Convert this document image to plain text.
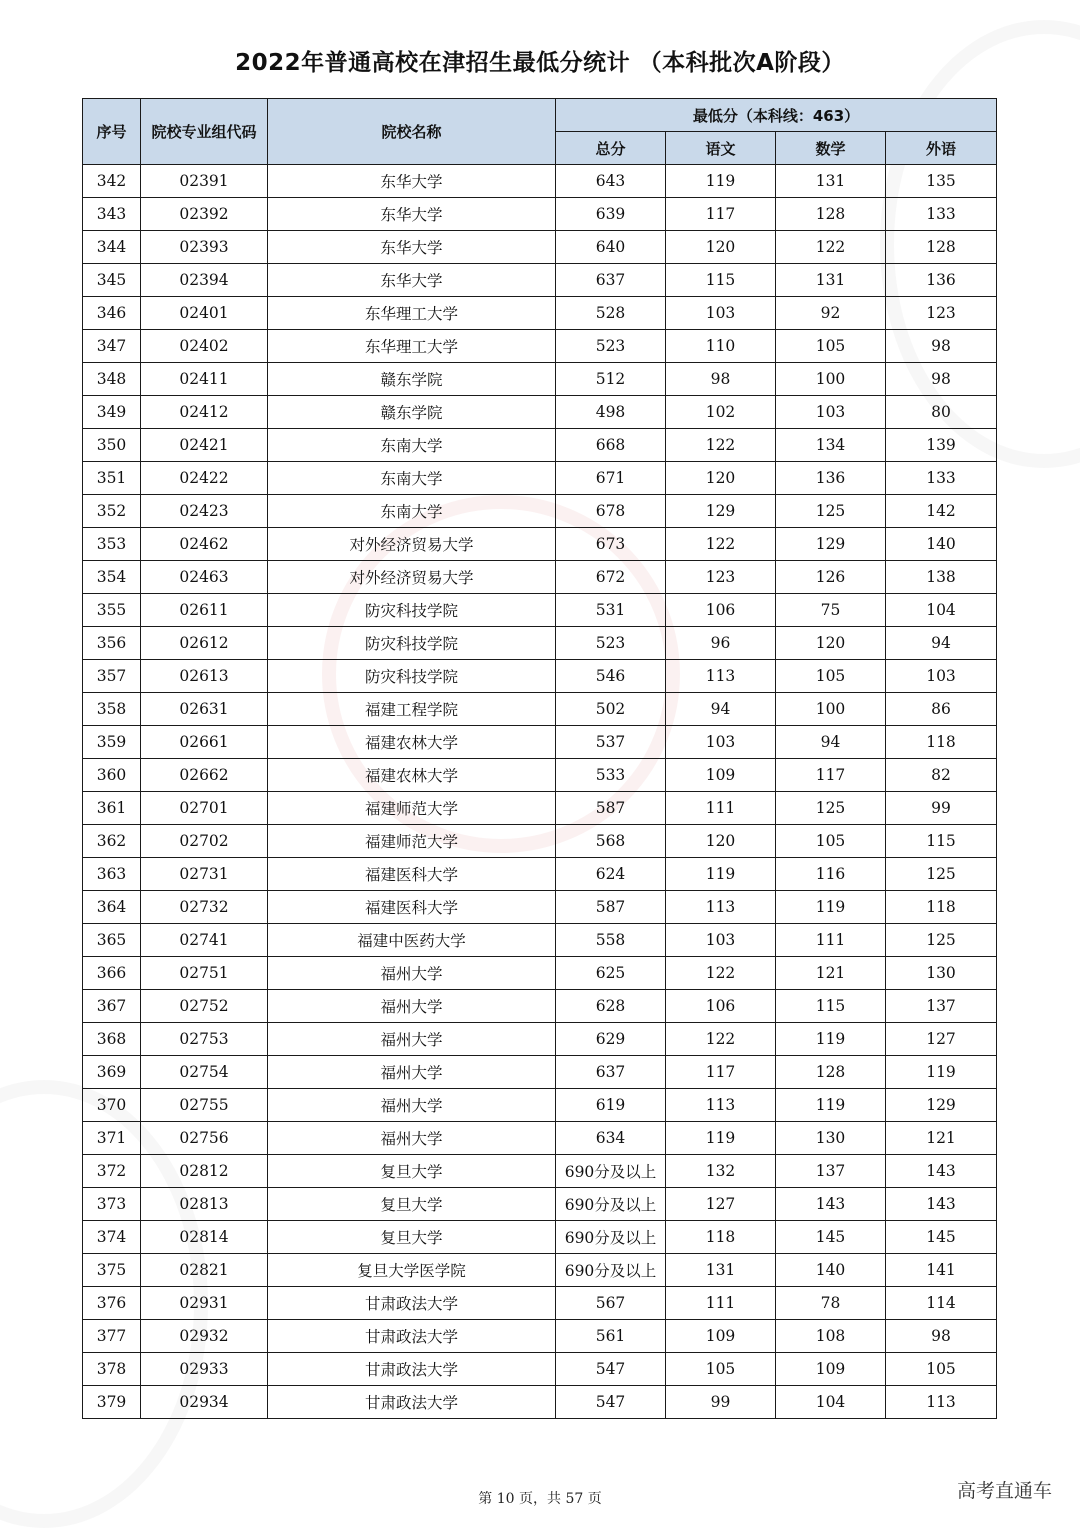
2022年普通高校在津招生最低分统计 （本科批次A阶段）
序号	院校专业组代码	院校名称	最低分（本科线：463）			
			总分	语文	数学	外语
342	02391	东华大学	643	119	131	135
343	02392	东华大学	639	117	128	133
344	02393	东华大学	640	120	122	128
345	02394	东华大学	637	115	131	136
346	02401	东华理工大学	528	103	92	123
347	02402	东华理工大学	523	110	105	98
348	02411	赣东学院	512	98	100	98
349	02412	赣东学院	498	102	103	80
350	02421	东南大学	668	122	134	139
351	02422	东南大学	671	120	136	133
352	02423	东南大学	678	129	125	142
353	02462	对外经济贸易大学	673	122	129	140
354	02463	对外经济贸易大学	672	123	126	138
355	02611	防灾科技学院	531	106	75	104
356	02612	防灾科技学院	523	96	120	94
357	02613	防灾科技学院	546	113	105	103
358	02631	福建工程学院	502	94	100	86
359	02661	福建农林大学	537	103	94	118
360	02662	福建农林大学	533	109	117	82
361	02701	福建师范大学	587	111	125	99
362	02702	福建师范大学	568	120	105	115
363	02731	福建医科大学	624	119	116	125
364	02732	福建医科大学	587	113	119	118
365	02741	福建中医药大学	558	103	111	125
366	02751	福州大学	625	122	121	130
367	02752	福州大学	628	106	115	137
368	02753	福州大学	629	122	119	127
369	02754	福州大学	637	117	128	119
370	02755	福州大学	619	113	119	129
371	02756	福州大学	634	119	130	121
372	02812	复旦大学	690分及以上	132	137	143
373	02813	复旦大学	690分及以上	127	143	143
374	02814	复旦大学	690分及以上	118	145	145
375	02821	复旦大学医学院	690分及以上	131	140	141
376	02931	甘肃政法大学	567	111	78	114
377	02932	甘肃政法大学	561	109	108	98
378	02933	甘肃政法大学	547	105	109	105
379	02934	甘肃政法大学	547	99	104	113
第 10 页，共 57 页	高考直通车
